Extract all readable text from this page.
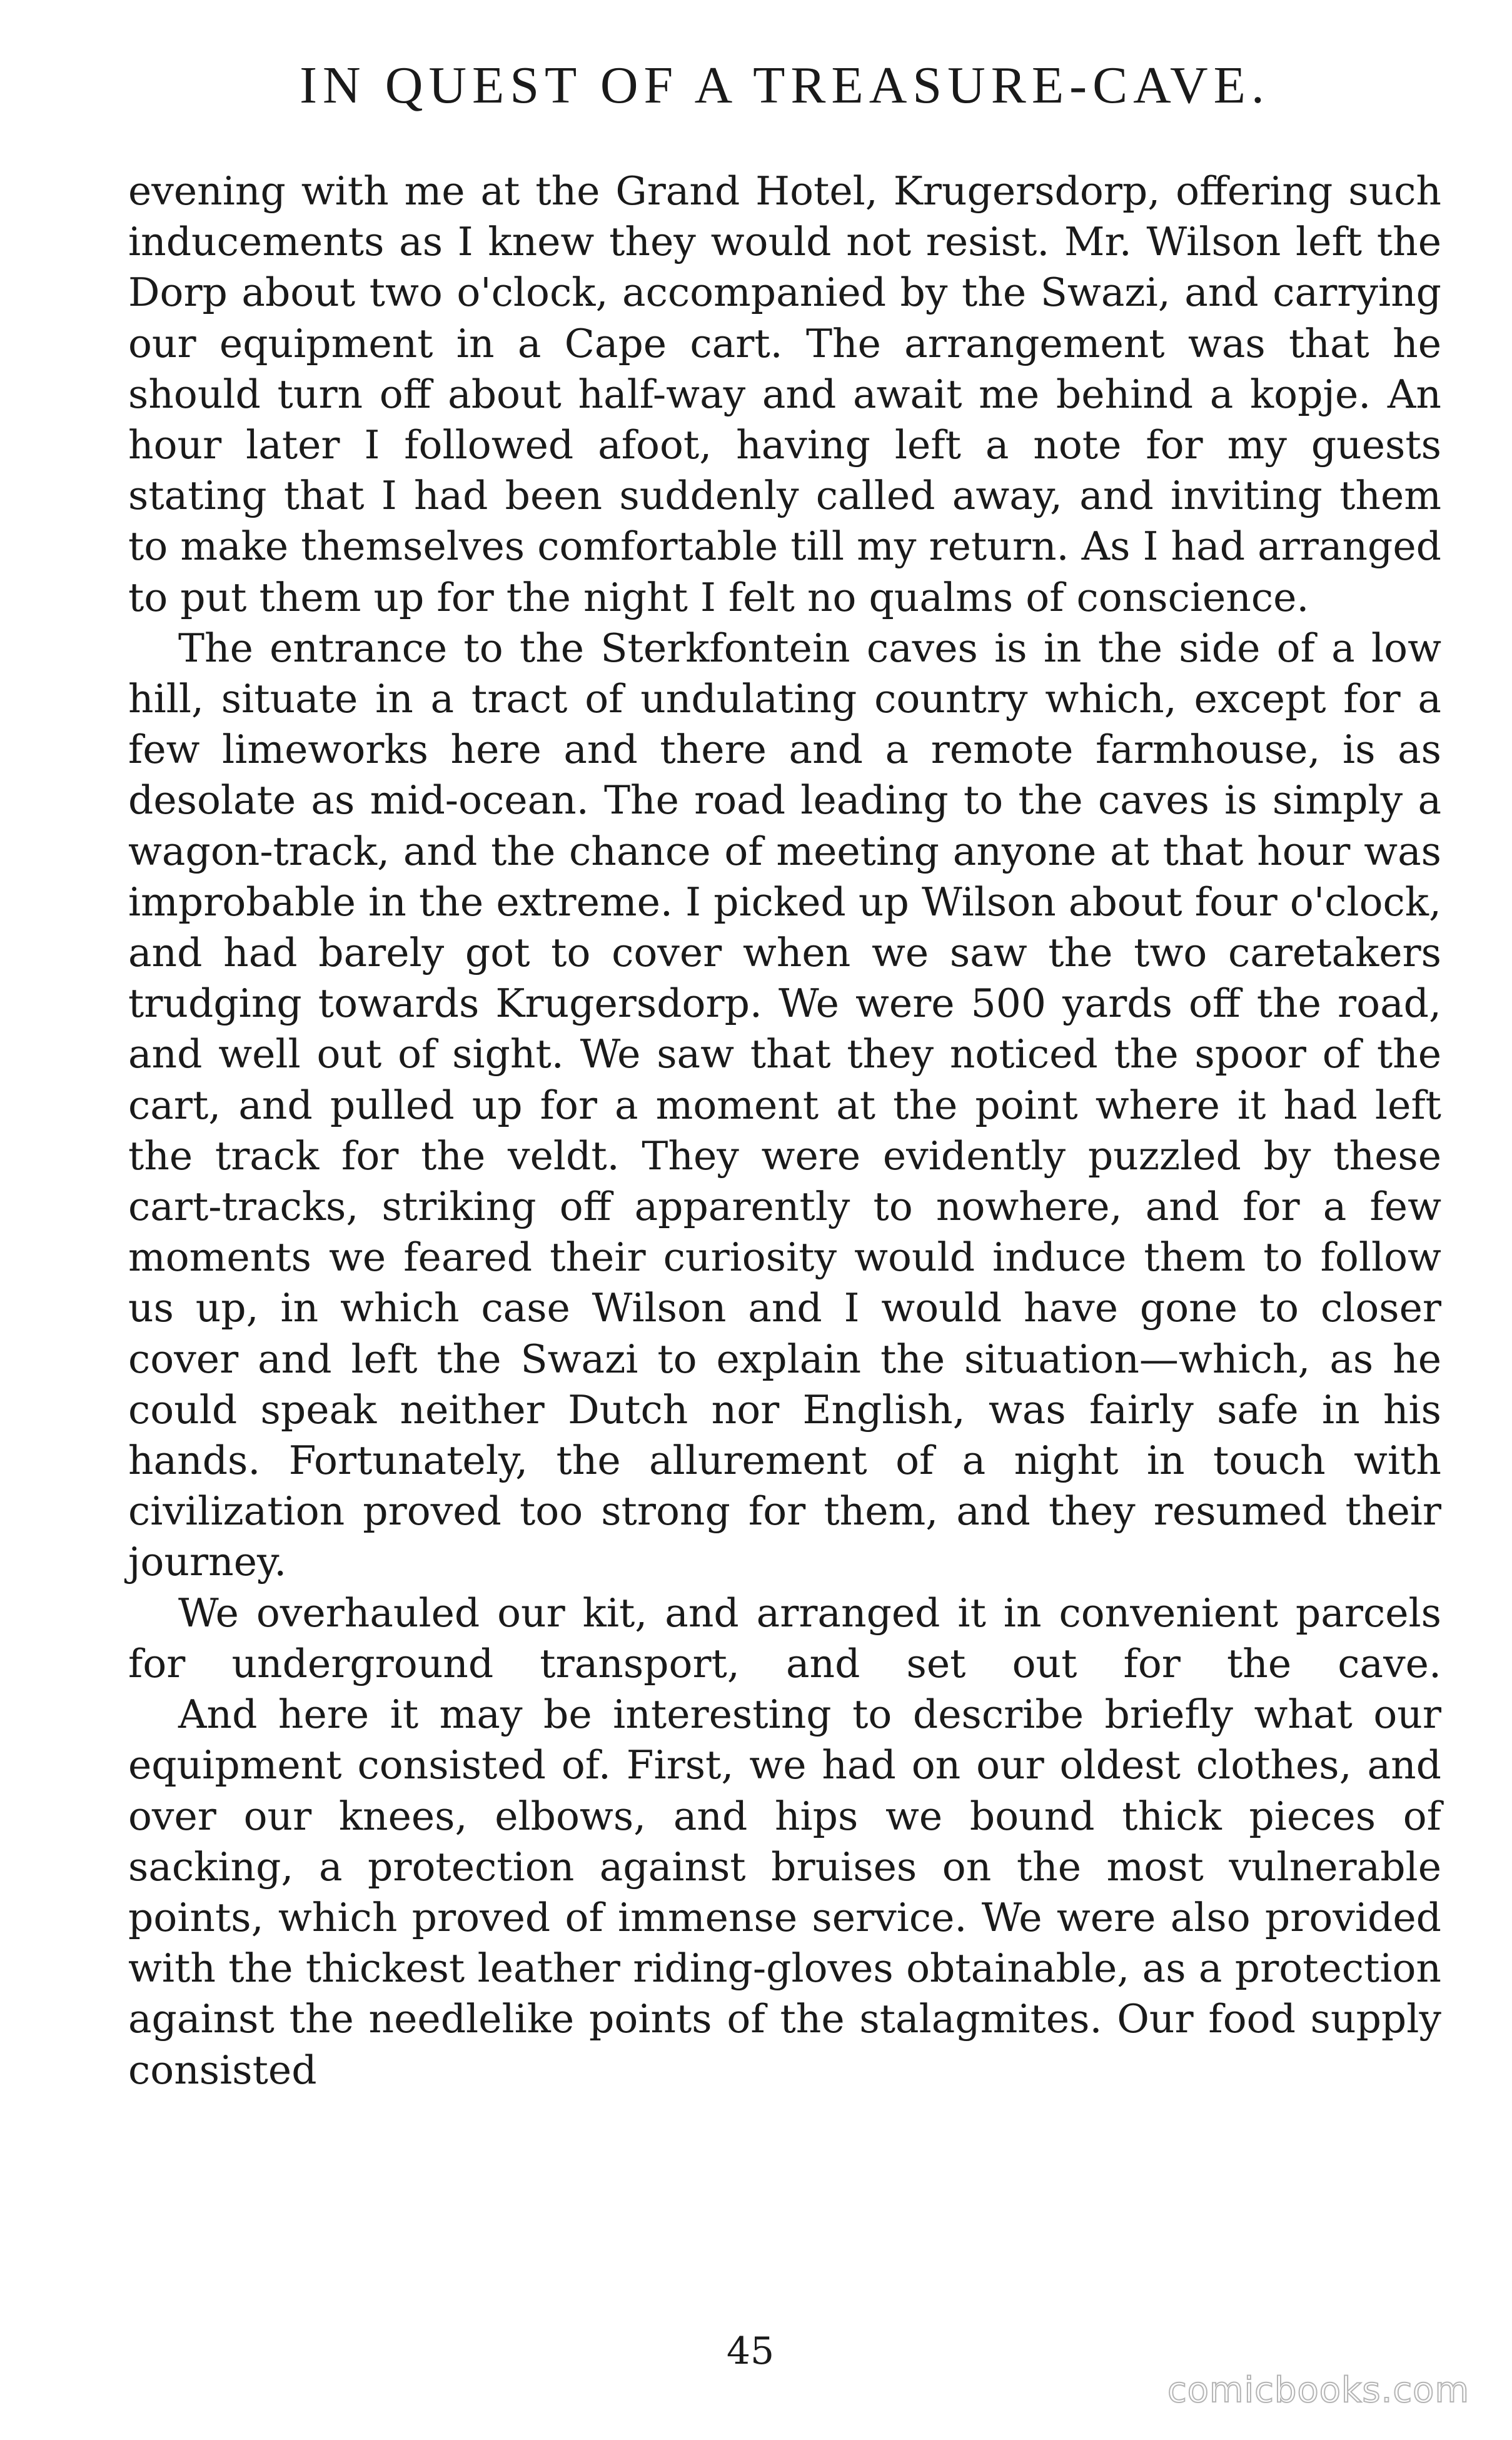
IN QUEST OF A TREASURE-CAVE.

evening with me at the Grand Hotel, Krugersdorp, offering such inducements as I knew they would not resist. Mr. Wilson left the Dorp about two o'clock, accompanied by the Swazi, and carrying our equipment in a Cape cart. The arrangement was that he should turn off about half-way and await me behind a kopje. An hour later I followed afoot, having left a note for my guests stating that I had been suddenly called away, and inviting them to make themselves comfortable till my return. As I had arranged to put them up for the night I felt no qualms of conscience.

The entrance to the Sterkfontein caves is in the side of a low hill, situate in a tract of undulating country which, except for a few limeworks here and there and a remote farmhouse, is as desolate as mid-ocean. The road leading to the caves is simply a wagon-track, and the chance of meeting anyone at that hour was improbable in the extreme. I picked up Wilson about four o'clock, and had barely got to cover when we saw the two caretakers trudging towards Krugersdorp. We were 500 yards off the road, and well out of sight. We saw that they noticed the spoor of the cart, and pulled up for a moment at the point where it had left the track for the veldt. They were evidently puzzled by these cart-tracks, striking off apparently to nowhere, and for a few moments we feared their curiosity would induce them to follow us up, in which case Wilson and I would have gone to closer cover and left the Swazi to explain the situation—which, as he could speak neither Dutch nor English, was fairly safe in his hands. Fortunately, the allurement of a night in touch with civilization proved too strong for them, and they resumed their journey.

We overhauled our kit, and arranged it in convenient parcels for underground transport, and set out for the cave.

And here it may be interesting to describe briefly what our equipment consisted of. First, we had on our oldest clothes, and over our knees, elbows, and hips we bound thick pieces of sacking, a protection against bruises on the most vulnerable points, which proved of immense service. We were also provided with the thickest leather riding-gloves obtainable, as a protection against the needlelike points of the stalagmites. Our food supply consisted

45
comicbooks.com
